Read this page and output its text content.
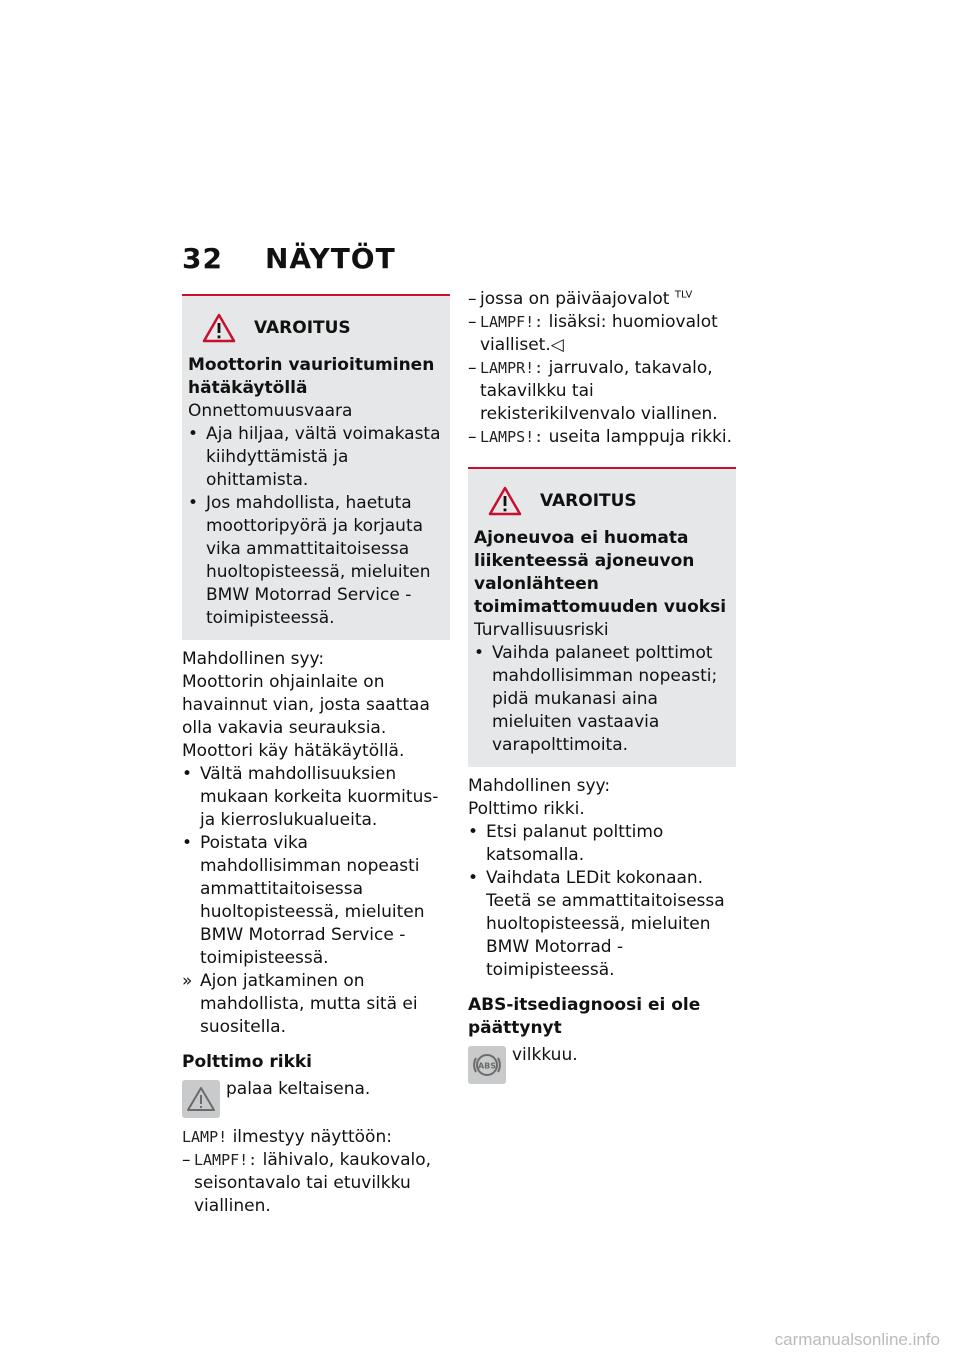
32 NÄYTÖT
VAROITUS
Moottorin vaurioituminen hätäkäytöllä
Onnettomuusvaara
• Aja hiljaa, vältä voimakasta kiihdyttämistä ja ohittamista.
• Jos mahdollista, haetuta moottoripyörä ja korjauta vika ammattitaitoisessa huoltopisteessä, mieluiten BMW Motorrad Service -toimipisteessä.
Mahdollinen syy:
Moottorin ohjainlaite on havainnut vian, josta saattaa olla vakavia seurauksia. Moottori käy hätäkäytöllä.
• Vältä mahdollisuuksien mukaan korkeita kuormitus- ja kierroslukualueita.
• Poistata vika mahdollisimman nopeasti ammattitaitoisessa huoltopisteessä, mieluiten BMW Motorrad Service -toimipisteessä.
» Ajon jatkaminen on mahdollista, mutta sitä ei suositella.
Polttimo rikki
palaa keltaisena.
LAMP! ilmestyy näyttöön:
– LAMPF!: lähivalo, kaukovalo, seisontavalo tai etuvilkku viallinen.
– jossa on päiväajovalot $^{TLV}$
– LAMPF!: lisäksi: huomiovalot vialliset.◁
– LAMPR!: jarruvalo, takavalo, takavilkku tai rekisterikilvenvalo viallinen.
– LAMPS!: useita lamppuja rikki.
VAROITUS
Ajoneuvoa ei huomata liikenteessä ajoneuvon valonlähteen toimimattomuuden vuoksi
Turvallisuusriski
• Vaihda palaneet polttimot mahdollisimman nopeasti; pidä mukanasi aina mieluiten vastaavia varapolttimoita.
Mahdollinen syy:
Polttimo rikki.
• Etsi palanut polttimo katsomalla.
• Vaihdata LEDit kokonaan. Teetä se ammattitaitoisessa huoltopisteessä, mieluiten BMW Motorrad -toimipisteessä.
ABS-itsediagnoosi ei ole päättynyt
ABS
vilkkuu.
carmanualsonline.info
